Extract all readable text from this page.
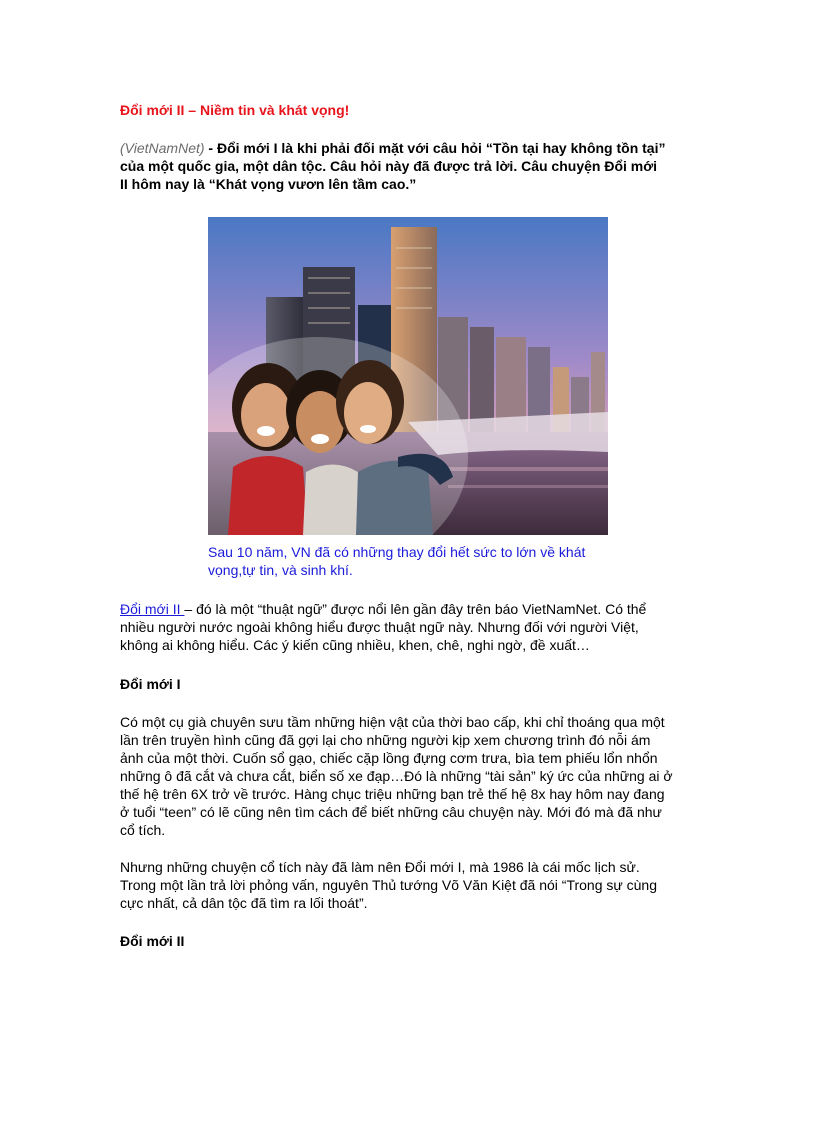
Đổi mới II – Niềm tin và khát vọng!
(VietNamNet) - Đổi mới I là khi phải đối mặt với câu hỏi “Tồn tại hay không tồn tại”
của một quốc gia, một dân tộc. Câu hỏi này đã được trả lời. Câu chuyện Đổi mới
II hôm nay là “Khát vọng vươn lên tầm cao.”
Sau 10 năm, VN đã có những thay đổi hết sức to lớn về khát
vọng,tự tin, và sinh khí.
Đổi mới II – đó là một “thuật ngữ” được nổi lên gần đây trên báo VietNamNet. Có thể
nhiều người nước ngoài không hiểu được thuật ngữ này. Nhưng đối với người Việt,
không ai không hiểu. Các ý kiến cũng nhiều, khen, chê, nghi ngờ, đề xuất…
Đổi mới I
Có một cụ già chuyên sưu tầm những hiện vật của thời bao cấp, khi chỉ thoáng qua một
lần trên truyền hình cũng đã gợi lại cho những người kịp xem chương trình đó nỗi ám
ảnh của một thời. Cuốn sổ gạo, chiếc cặp lồng đựng cơm trưa, bìa tem phiếu lổn nhổn
những ô đã cắt và chưa cắt, biển số xe đạp…Đó là những “tài sản” ký ức của những ai ở
thế hệ trên 6X trở về trước. Hàng chục triệu những bạn trẻ thế hệ 8x hay hôm nay đang
ở tuổi “teen” có lẽ cũng nên tìm cách để biết những câu chuyện này. Mới đó mà đã như
cổ tích.
Nhưng những chuyện cổ tích này đã làm nên Đổi mới I, mà 1986 là cái mốc lịch sử.
Trong một lần trả lời phỏng vấn, nguyên Thủ tướng Võ Văn Kiệt đã nói “Trong sự cùng
cực nhất, cả dân tộc đã tìm ra lối thoát”.
Đổi mới II
